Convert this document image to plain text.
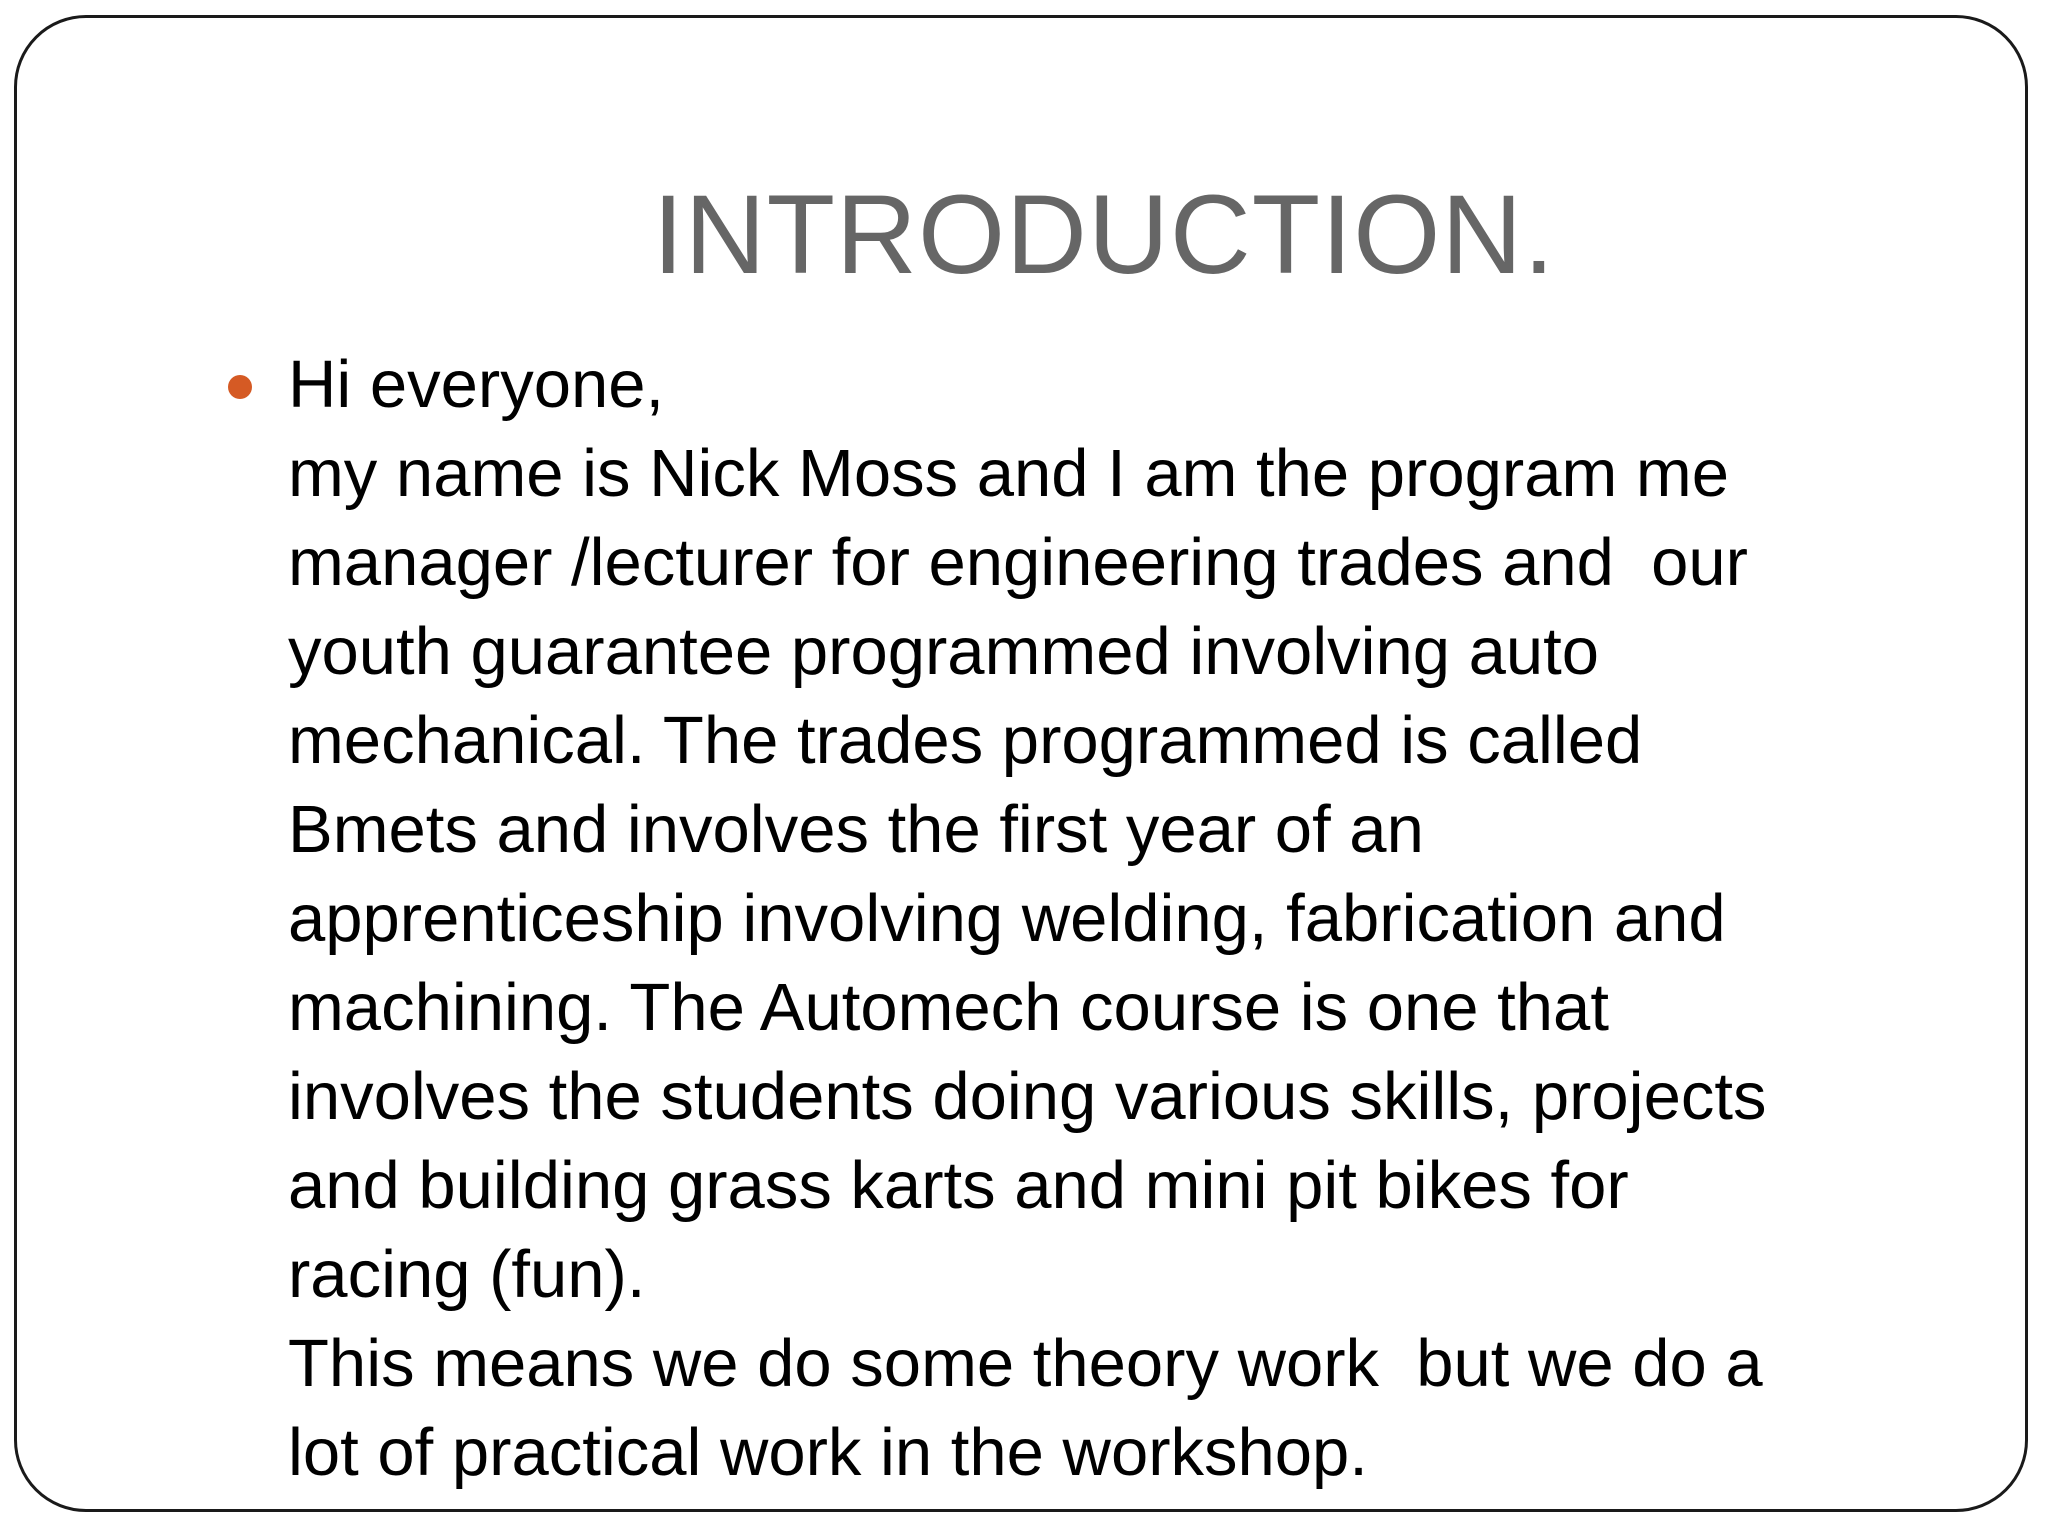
INTRODUCTION.
Hi everyone,
my name is Nick Moss and I am the program me
manager /lecturer for engineering trades and  our
youth guarantee programmed involving auto
mechanical. The trades programmed is called
Bmets and involves the first year of an
apprenticeship involving welding, fabrication and
machining. The Automech course is one that
involves the students doing various skills, projects
and building grass karts and mini pit bikes for
racing (fun).
This means we do some theory work  but we do a
lot of practical work in the workshop.
